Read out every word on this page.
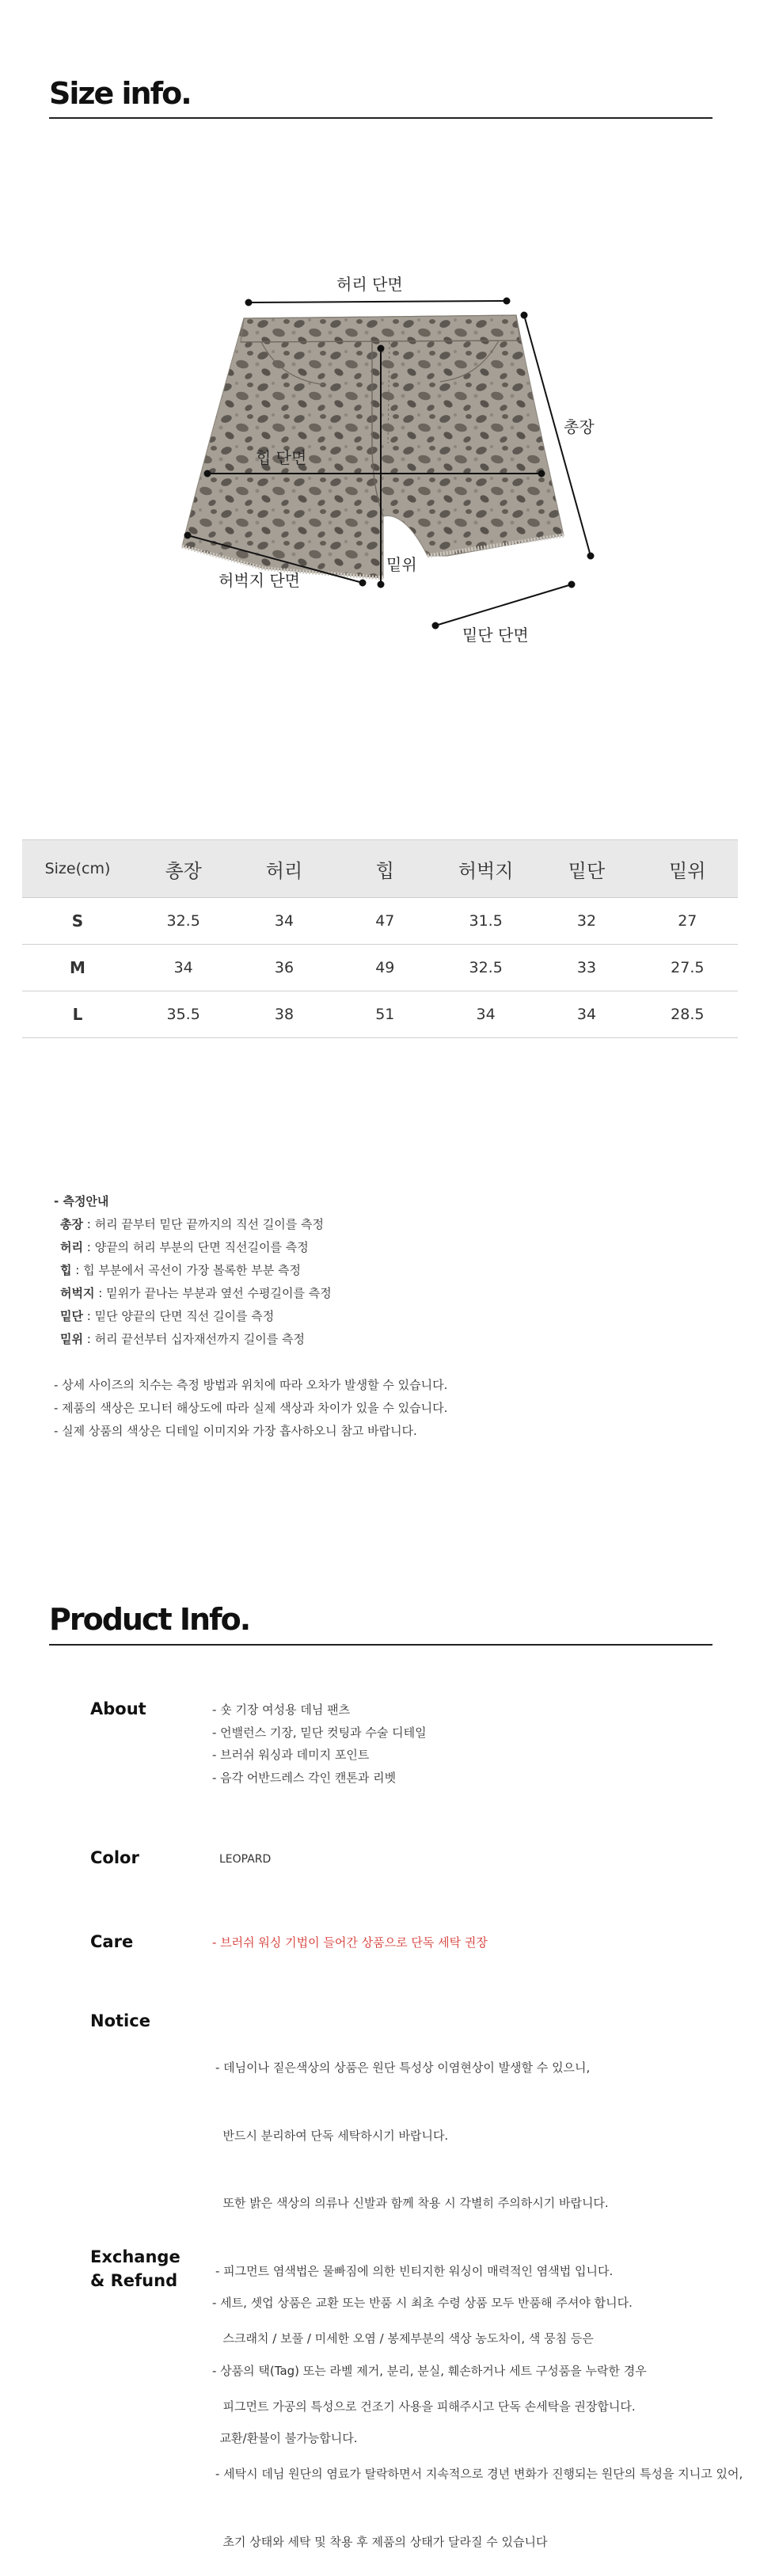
Size info.
허리 단면
총장
힙 단면
밑위
허벅지 단면
밑단 단면
Size(cm)	총장	허리	힙	허벅지	밑단	밑위
S	32.5	34	47	31.5	32	27
M	34	36	49	32.5	33	27.5
L	35.5	38	51	34	34	28.5
- 측정안내
총장 : 허리 끝부터 밑단 끝까지의 직선 길이를 측정
허리 : 양끝의 허리 부분의 단면 직선길이를 측정
힙 : 힙 부분에서 곡선이 가장 볼록한 부분 측정
허벅지 : 밑위가 끝나는 부분과 옆선 수평길이를 측정
밑단 : 밑단 양끝의 단면 직선 길이를 측정
밑위 : 허리 끝선부터 십자재선까지 길이를 측정
- 상세 사이즈의 치수는 측정 방법과 위치에 따라 오차가 발생할 수 있습니다.
- 제품의 색상은 모니터 해상도에 따라 실제 색상과 차이가 있을 수 있습니다.
- 실제 상품의 색상은 디테일 이미지와 가장 흡사하오니 참고 바랍니다.
Product Info.
About	- 숏 기장 여성용 데님 팬츠
- 언밸런스 기장, 밑단 컷팅과 수술 디테일
- 브러쉬 워싱과 데미지 포인트
- 음각 어반드레스 각인 캔톤과 리벳
Color	LEOPARD
Care	- 브러쉬 워싱 기법이 들어간 상품으로 단독 세탁 권장
Notice

- 데님이나 짙은색상의 상품은 원단 특성상 이염현상이 발생할 수 있으니,

반드시 분리하여 단독 세탁하시기 바랍니다.

또한 밝은 색상의 의류나 신발과 함께 착용 시 각별히 주의하시기 바랍니다.

- 피그먼트 염색법은 물빠짐에 의한 빈티지한 워싱이 매력적인 염색법 입니다.

스크래치 / 보풀 / 미세한 오염 / 봉제부분의 색상 농도차이, 색 뭉침 등은

피그먼트 가공의 특성으로 건조기 사용을 피해주시고 단독 손세탁을 권장합니다.

- 세탁시 데님 원단의 염료가 탈락하면서 지속적으로 경년 변화가 진행되는 원단의 특성을 지니고 있어,

초기 상태와 세탁 및 착용 후 제품의 상태가 달라질 수 있습니다

Exchange
& Refund

- 세트, 셋업 상품은 교환 또는 반품 시 최초 수령 상품 모두 반품해 주셔야 합니다.

- 상품의 택(Tag) 또는 라벨 제거, 분리, 분실, 훼손하거나 세트 구성품을 누락한 경우

교환/환불이 불가능합니다.
